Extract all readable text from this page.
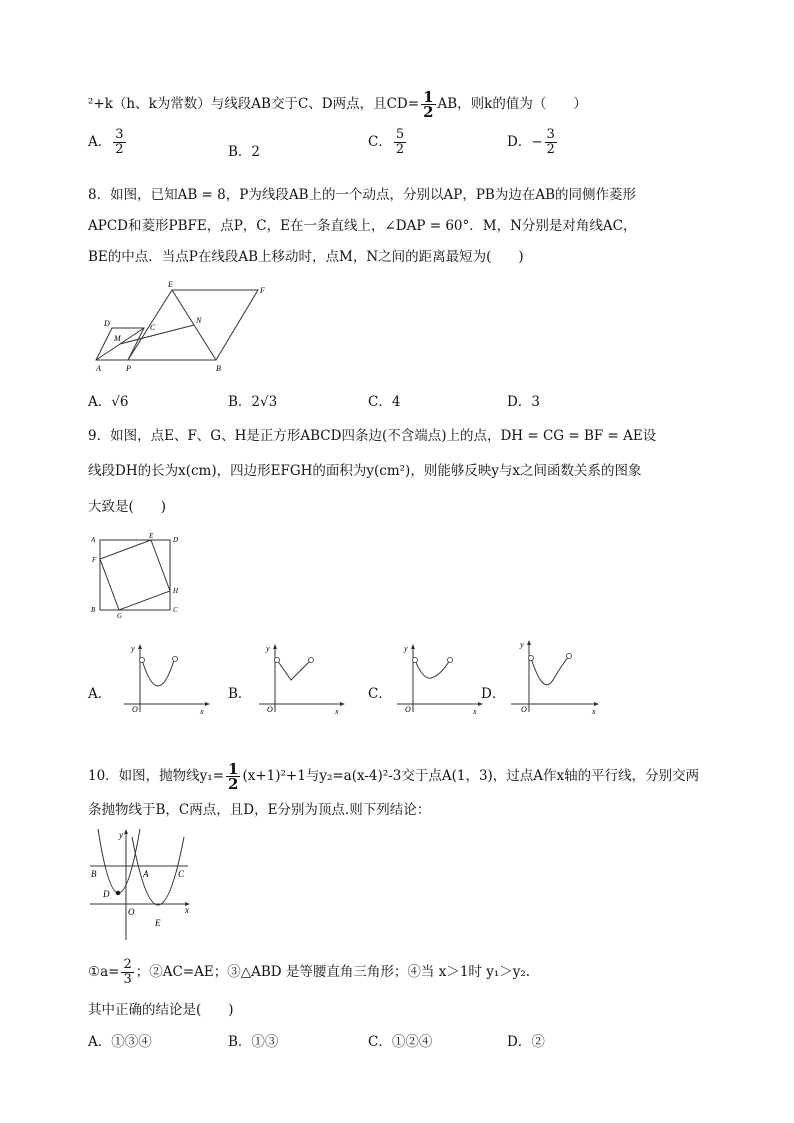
²+k（h、k为常数）与线段AB交于C、D两点，且$CD= \frac{1}{2}$ AB，则k的值为（　　）
A． $\frac{3}{2}$	B．2
C． $\frac{5}{2}$	D．− $\frac{3}{2}$
8．如图，已知AB = 8，P为线段AB上的一个动点，分别以AP，PB为边在AB的同侧作菱形
APCD和菱形PBFE，点P，C，E在一条直线上，∠DAP = 60°．M，N分别是对角线AC，
BE的中点．当点P在线段AB上移动时，点M，N之间的距离最短为(　　)
E
F
D	C
N
M
A	P	B
A．√6	B．2√3	C．4	D．3
9．如图，点E、F、G、H是正方形ABCD四条边(不含端点)上的点，DH = CG = BF = AE设
线段DH的长为x(cm)，四边形EFGH的面积为y(cm²)，则能够反映y与x之间函数关系的图象
大致是(　　)
A	E	D
F
H
B
G
C
A．
y
O	x
B．
y
O	x
C．
y
O	x
D．
y
O	x
10．如图，抛物线$y_1= \frac{1}{2} (x+1)^2+1$与y₂=a(x-4)²-3交于点A(1，3)，过点A作x轴的平行线，分别交两
条抛物线于B，C两点，且D，E分别为顶点.则下列结论：
y
B	A	C
D
O	x
E
①a= $\frac{2}{3}$ ；②AC=AE；③△ABD 是等腰直角三角形；④当 x＞1时 y₁＞y₂.
其中正确的结论是(　　)
A．①③④	B．①③	C．①②④	D．②
